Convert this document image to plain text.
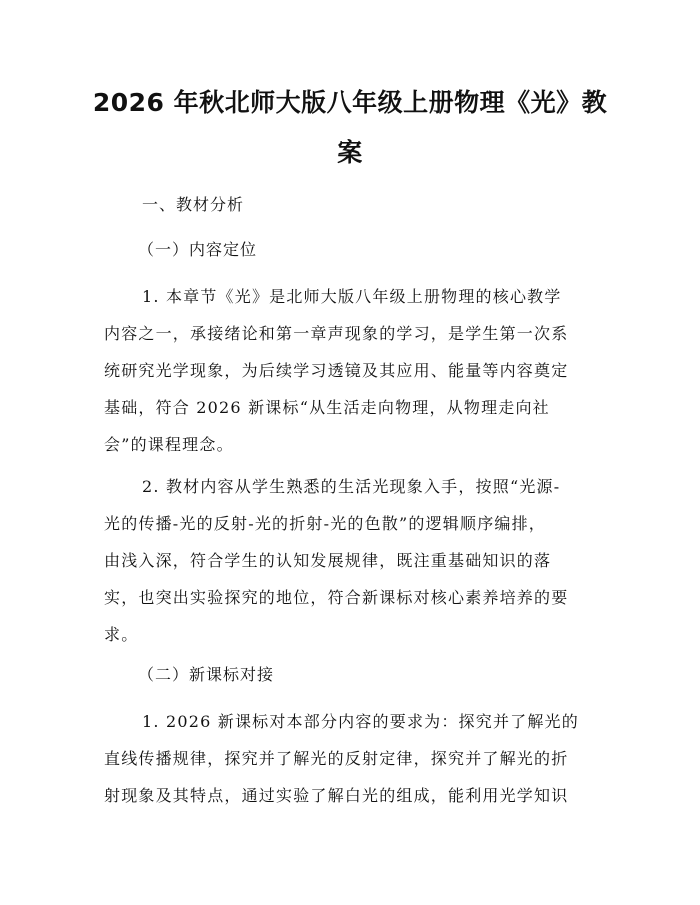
2026 年秋北师大版八年级上册物理《光》教
案
一、教材分析
（一）内容定位
1. 本章节《光》是北师大版八年级上册物理的核心教学
内容之一，承接绪论和第一章声现象的学习，是学生第一次系
统研究光学现象，为后续学习透镜及其应用、能量等内容奠定
基础，符合 2026 新课标“从生活走向物理，从物理走向社
会”的课程理念。
2. 教材内容从学生熟悉的生活光现象入手，按照“光源-
光的传播-光的反射-光的折射-光的色散”的逻辑顺序编排，
由浅入深，符合学生的认知发展规律，既注重基础知识的落
实，也突出实验探究的地位，符合新课标对核心素养培养的要
求。
（二）新课标对接
1. 2026 新课标对本部分内容的要求为：探究并了解光的
直线传播规律，探究并了解光的反射定律，探究并了解光的折
射现象及其特点，通过实验了解白光的组成，能利用光学知识
